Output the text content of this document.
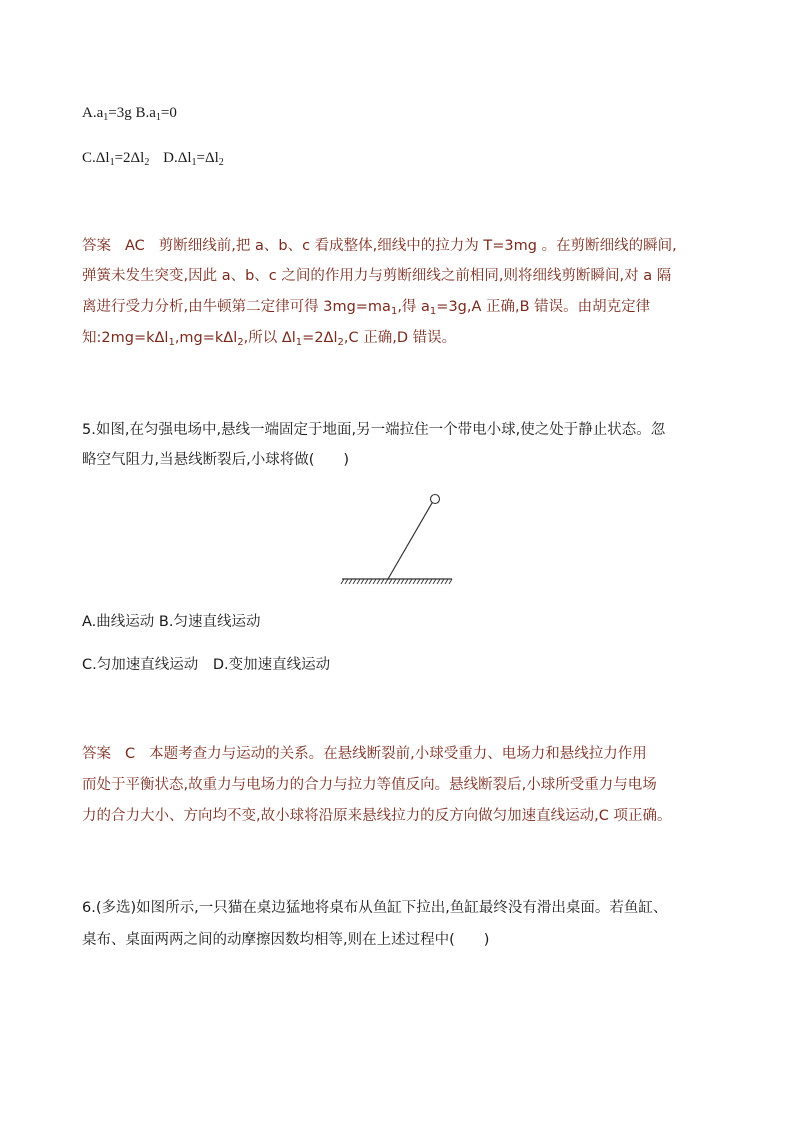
$A.a_1=3g$ $B.a_1=0$
$C.\Delta l_1=2\Delta l_2$ $D.\Delta l_1=\Delta l_2$
答案 AC 剪断细线前,把 a、b、c 看成整体,细线中的拉力为 T=3mg 。在剪断细线的瞬间,
弹簧未发生突变,因此 a、b、c 之间的作用力与剪断细线之前相同,则将细线剪断瞬间,对 a 隔
离进行受力分析,由牛顿第二定律可得 $3mg=ma_1$,得 $a_1=3g,A$ 正确,B 错误。由胡克定律
知:2mg=kΔl$_1$,mg=kΔl$_2$,所以 $\Delta l_1=2\Delta l_2,C$ 正确,D 错误。
5.如图,在匀强电场中,悬线一端固定于地面,另一端拉住一个带电小球,使之处于静止状态。忽
略空气阻力,当悬线断裂后,小球将做(　　)
A.曲线运动 B.匀速直线运动
C.匀加速直线运动 D.变加速直线运动
答案 C 本题考查力与运动的关系。在悬线断裂前,小球受重力、电场力和悬线拉力作用
而处于平衡状态,故重力与电场力的合力与拉力等值反向。悬线断裂后,小球所受重力与电场
力的合力大小、方向均不变,故小球将沿原来悬线拉力的反方向做匀加速直线运动,C 项正确。
6.(多选)如图所示,一只猫在桌边猛地将桌布从鱼缸下拉出,鱼缸最终没有滑出桌面。若鱼缸、
桌布、桌面两两之间的动摩擦因数均相等,则在上述过程中(　　)
